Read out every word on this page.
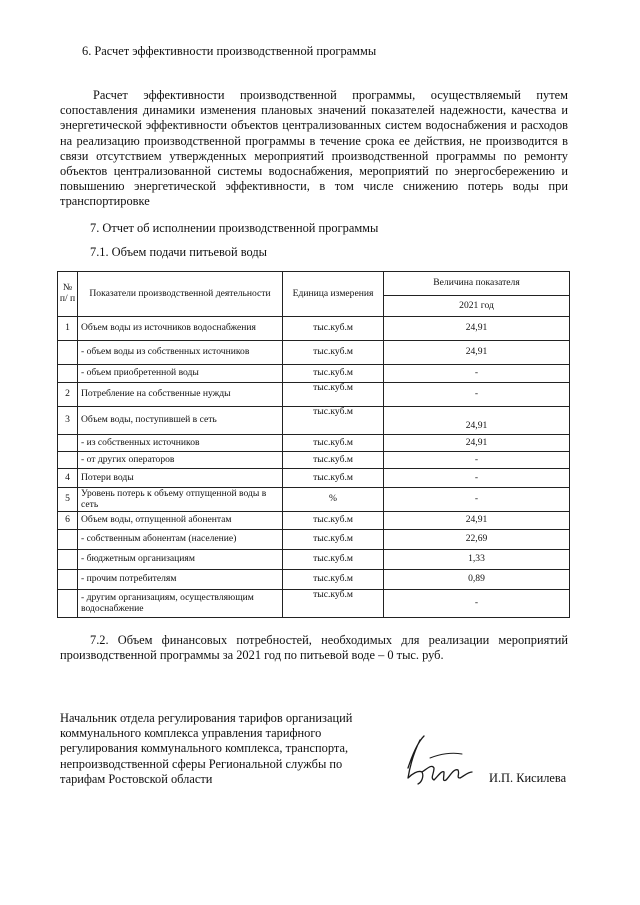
6. Расчет эффективности производственной программы
Расчет эффективности производственной программы, осуществляемый путем сопоставления динамики изменения плановых значений показателей надежности, качества и энергетической эффективности объектов централизованных систем водоснабжения и расходов на реализацию производственной программы в течение срока ее действия, не производится в связи отсутствием утвержденных мероприятий производственной программы по ремонту объектов централизованной системы водоснабжения, мероприятий по энергосбережению и повышению энергетической эффективности, в том числе снижению потерь воды при транспортировке
7. Отчет об исполнении производственной программы
7.1. Объем подачи питьевой воды
№ п/ п	Показатели производственной деятельности	Единица измерения	Величина показателя
			2021 год
1	Объем воды из источников водоснабжения	тыс.куб.м	24,91
	- объем воды из собственных источников	тыс.куб.м	24,91
	- объем приобретенной воды	тыс.куб.м	-
2	Потребление на собственные нужды	тыс.куб.м	-
3	Объем воды, поступившей в сеть	тыс.куб.м	24,91
	- из собственных источников	тыс.куб.м	24,91
	- от других операторов	тыс.куб.м	-
4	Потери воды	тыс.куб.м	-
5	Уровень потерь к объему отпущенной воды в сеть	%	-
6	Объем воды, отпущенной абонентам	тыс.куб.м	24,91
	- собственным абонентам (население)	тыс.куб.м	22,69
	- бюджетным организациям	тыс.куб.м	1,33
	- прочим потребителям	тыс.куб.м	0,89
	- другим организациям, осуществляющим водоснабжение	тыс.куб.м	-
7.2. Объем финансовых потребностей, необходимых для реализации мероприятий производственной программы за 2021 год по питьевой воде – 0 тыс. руб.
Начальник отдела регулирования тарифов организаций
коммунального комплекса управления тарифного
регулирования коммунального комплекса, транспорта,
непроизводственной сферы Региональной службы по
тарифам Ростовской области	И.П. Кисилева
